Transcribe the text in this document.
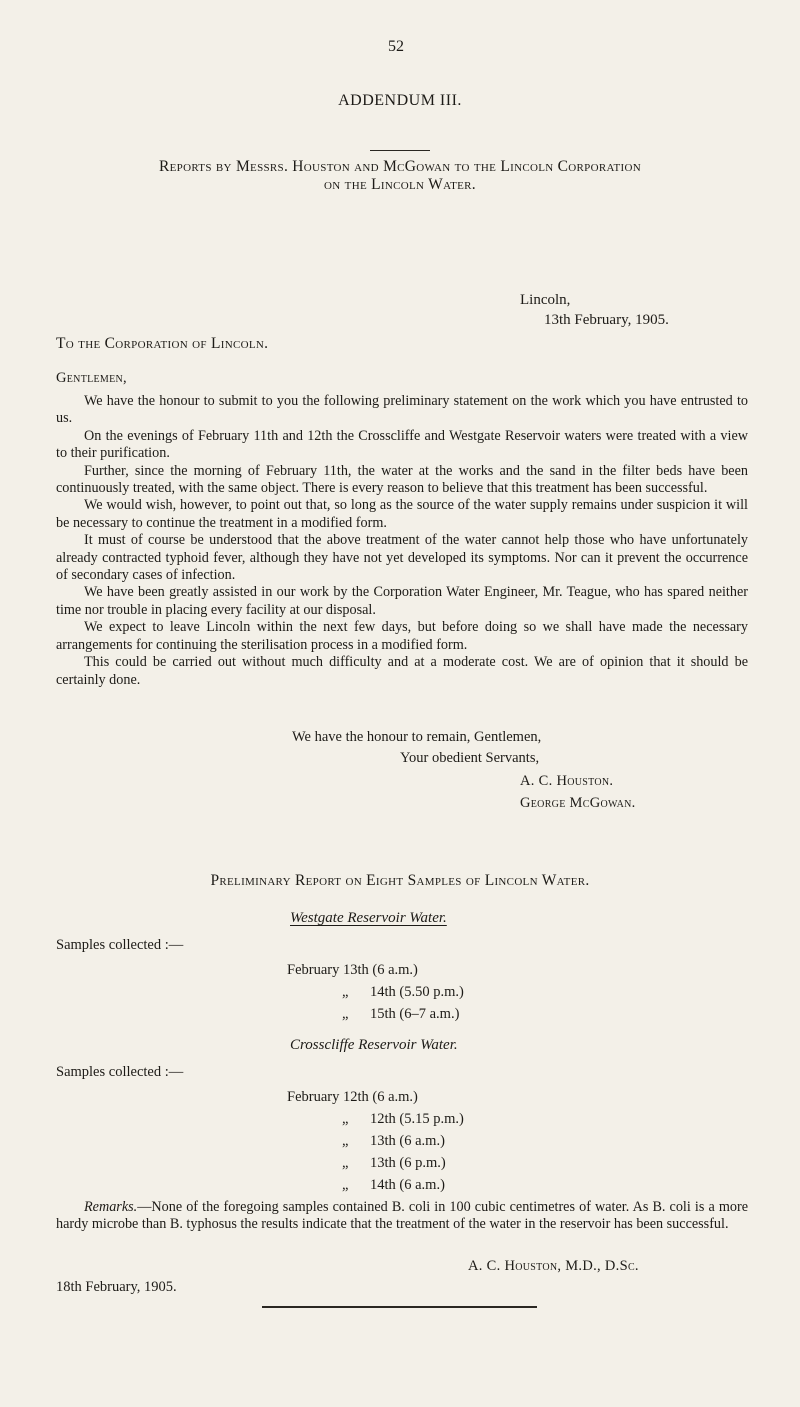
52
ADDENDUM III.
Reports by Messrs. Houston and McGowan to the Lincoln Corporation
on the Lincoln Water.
Lincoln,
13th February, 1905.
To the Corporation of Lincoln.
Gentlemen,

We have the honour to submit to you the following preliminary statement on the work which you have entrusted to us.

On the evenings of February 11th and 12th the Crosscliffe and Westgate Reservoir waters were treated with a view to their purification.

Further, since the morning of February 11th, the water at the works and the sand in the filter beds have been continuously treated, with the same object. There is every reason to believe that this treatment has been successful.

We would wish, however, to point out that, so long as the source of the water supply remains under suspicion it will be necessary to continue the treatment in a modified form.

It must of course be understood that the above treatment of the water cannot help those who have unfortunately already contracted typhoid fever, although they have not yet developed its symptoms. Nor can it prevent the occurrence of secondary cases of infection.

We have been greatly assisted in our work by the Corporation Water Engineer, Mr. Teague, who has spared neither time nor trouble in placing every facility at our disposal.

We expect to leave Lincoln within the next few days, but before doing so we shall have made the necessary arrangements for continuing the sterilisation process in a modified form.

This could be carried out without much difficulty and at a moderate cost. We are of opinion that it should be certainly done.

We have the honour to remain, Gentlemen,
Your obedient Servants,
A. C. Houston.
George McGowan.
Preliminary Report on Eight Samples of Lincoln Water.
Westgate Reservoir Water.
Samples collected :—
February 13th (6 a.m.)
„ 14th (5.50 p.m.)
„ 15th (6–7 a.m.)
Crosscliffe Reservoir Water.
Samples collected :—
February 12th (6 a.m.)
„ 12th (5.15 p.m.)
„ 13th (6 a.m.)
„ 13th (6 p.m.)
„ 14th (6 a.m.)
Remarks.—None of the foregoing samples contained B. coli in 100 cubic centimetres of water. As B. coli is a more hardy microbe than B. typhosus the results indicate that the treatment of the water in the reservoir has been successful.
A. C. Houston, M.D., D.Sc.
18th February, 1905.
